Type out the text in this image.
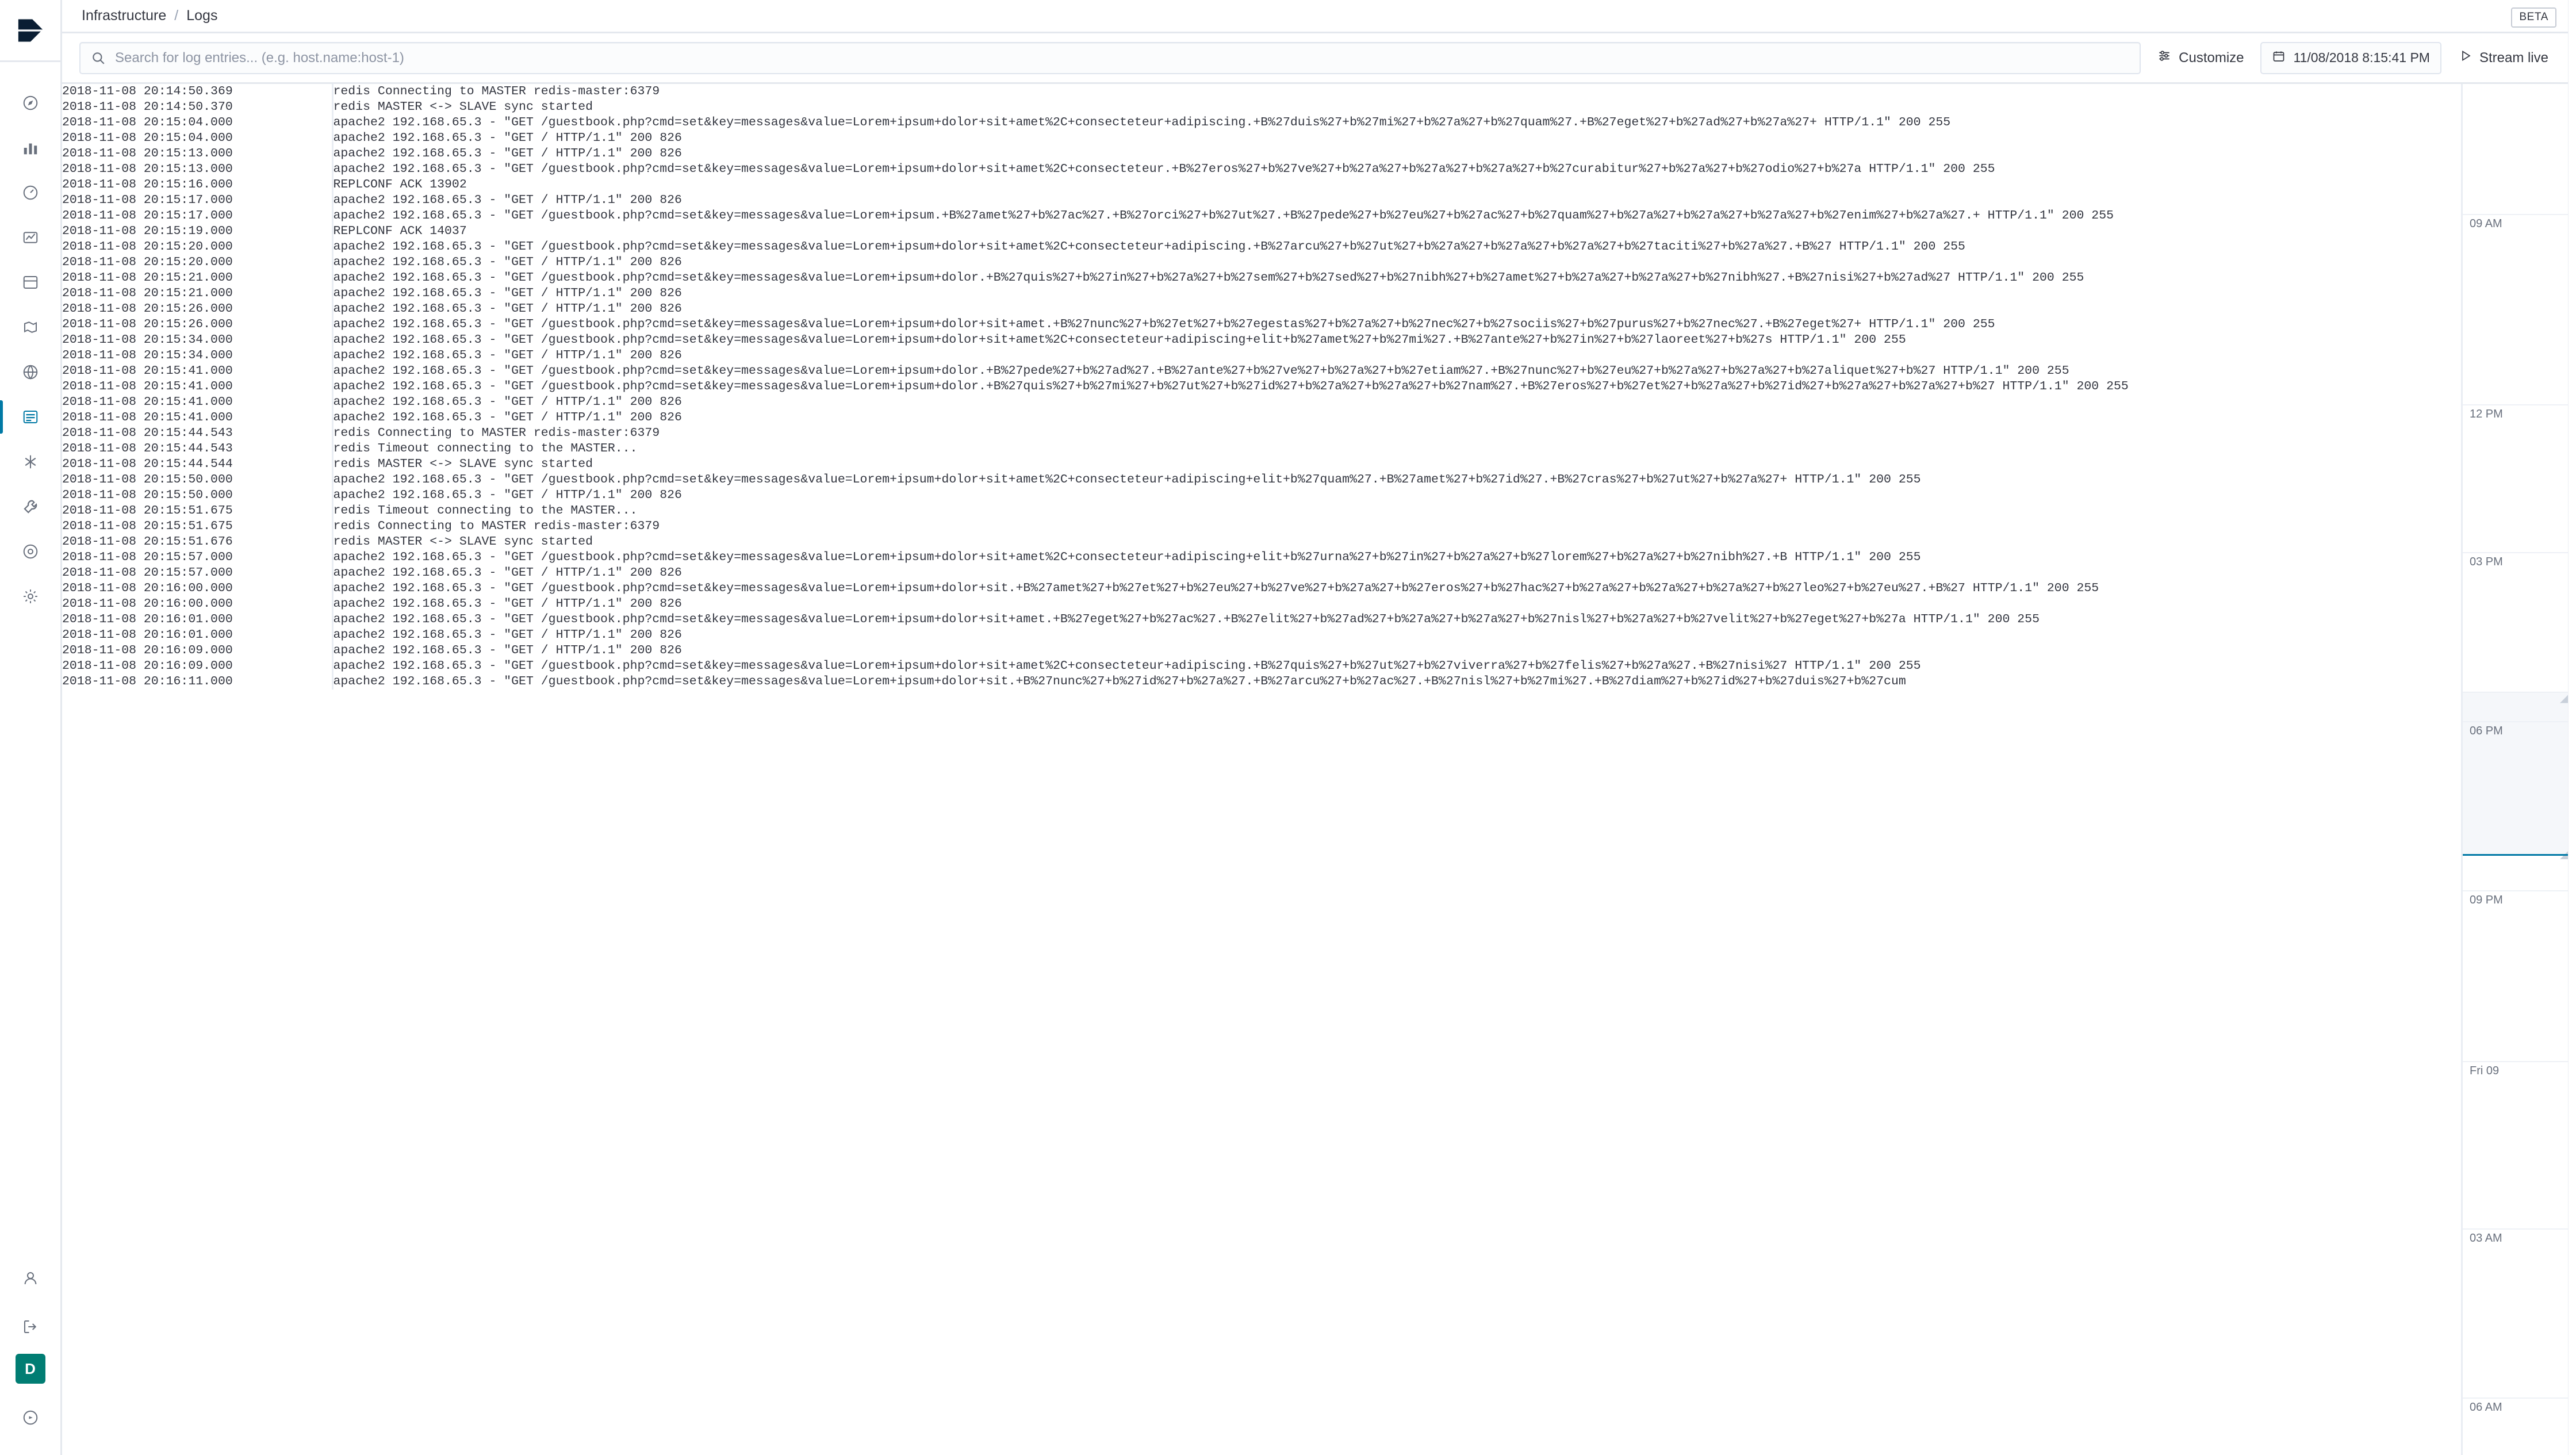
D
Infrastructure / Logs	BETA
Search for log entries... (e.g. host.name:host-1)
Customize	11/08/2018 8:15:41 PM	Stream live
2018-11-08 20:14:50.369	redis Connecting to MASTER redis-master:6379
2018-11-08 20:14:50.370	redis MASTER <-> SLAVE sync started
2018-11-08 20:15:04.000	apache2 192.168.65.3 - "GET /guestbook.php?cmd=set&key=messages&value=Lorem+ipsum+dolor+sit+amet%2C+consecteteur+adipiscing.+B%27duis%27+b%27mi%27+b%27a%27+b%27quam%27.+B%27eget%27+b%27ad%27+b%27a%27+ HTTP/1.1" 200 255
2018-11-08 20:15:04.000	apache2 192.168.65.3 - "GET / HTTP/1.1" 200 826
2018-11-08 20:15:13.000	apache2 192.168.65.3 - "GET / HTTP/1.1" 200 826
2018-11-08 20:15:13.000	apache2 192.168.65.3 - "GET /guestbook.php?cmd=set&key=messages&value=Lorem+ipsum+dolor+sit+amet%2C+consecteteur.+B%27eros%27+b%27ve%27+b%27a%27+b%27a%27+b%27a%27+b%27curabitur%27+b%27a%27+b%27odio%27+b%27a HTTP/1.1" 200 255
2018-11-08 20:15:16.000	REPLCONF ACK 13902
2018-11-08 20:15:17.000	apache2 192.168.65.3 - "GET / HTTP/1.1" 200 826
2018-11-08 20:15:17.000	apache2 192.168.65.3 - "GET /guestbook.php?cmd=set&key=messages&value=Lorem+ipsum.+B%27amet%27+b%27ac%27.+B%27orci%27+b%27ut%27.+B%27pede%27+b%27eu%27+b%27ac%27+b%27quam%27+b%27a%27+b%27a%27+b%27a%27+b%27enim%27+b%27a%27.+ HTTP/1.1" 200 255
2018-11-08 20:15:19.000	REPLCONF ACK 14037
2018-11-08 20:15:20.000	apache2 192.168.65.3 - "GET /guestbook.php?cmd=set&key=messages&value=Lorem+ipsum+dolor+sit+amet%2C+consecteteur+adipiscing.+B%27arcu%27+b%27ut%27+b%27a%27+b%27a%27+b%27a%27+b%27taciti%27+b%27a%27.+B%27 HTTP/1.1" 200 255
2018-11-08 20:15:20.000	apache2 192.168.65.3 - "GET / HTTP/1.1" 200 826
2018-11-08 20:15:21.000	apache2 192.168.65.3 - "GET /guestbook.php?cmd=set&key=messages&value=Lorem+ipsum+dolor.+B%27quis%27+b%27in%27+b%27a%27+b%27sem%27+b%27sed%27+b%27nibh%27+b%27amet%27+b%27a%27+b%27a%27+b%27nibh%27.+B%27nisi%27+b%27ad%27 HTTP/1.1" 200 255
2018-11-08 20:15:21.000	apache2 192.168.65.3 - "GET / HTTP/1.1" 200 826
2018-11-08 20:15:26.000	apache2 192.168.65.3 - "GET / HTTP/1.1" 200 826
2018-11-08 20:15:26.000	apache2 192.168.65.3 - "GET /guestbook.php?cmd=set&key=messages&value=Lorem+ipsum+dolor+sit+amet.+B%27nunc%27+b%27et%27+b%27egestas%27+b%27a%27+b%27nec%27+b%27sociis%27+b%27purus%27+b%27nec%27.+B%27eget%27+ HTTP/1.1" 200 255
2018-11-08 20:15:34.000	apache2 192.168.65.3 - "GET /guestbook.php?cmd=set&key=messages&value=Lorem+ipsum+dolor+sit+amet%2C+consecteteur+adipiscing+elit+b%27amet%27+b%27mi%27.+B%27ante%27+b%27in%27+b%27laoreet%27+b%27s HTTP/1.1" 200 255
2018-11-08 20:15:34.000	apache2 192.168.65.3 - "GET / HTTP/1.1" 200 826
2018-11-08 20:15:41.000	apache2 192.168.65.3 - "GET /guestbook.php?cmd=set&key=messages&value=Lorem+ipsum+dolor.+B%27pede%27+b%27ad%27.+B%27ante%27+b%27ve%27+b%27a%27+b%27etiam%27.+B%27nunc%27+b%27eu%27+b%27a%27+b%27a%27+b%27aliquet%27+b%27 HTTP/1.1" 200 255
2018-11-08 20:15:41.000	apache2 192.168.65.3 - "GET /guestbook.php?cmd=set&key=messages&value=Lorem+ipsum+dolor.+B%27quis%27+b%27mi%27+b%27ut%27+b%27id%27+b%27a%27+b%27a%27+b%27nam%27.+B%27eros%27+b%27et%27+b%27a%27+b%27id%27+b%27a%27+b%27a%27+b%27 HTTP/1.1" 200 255
2018-11-08 20:15:41.000	apache2 192.168.65.3 - "GET / HTTP/1.1" 200 826
2018-11-08 20:15:41.000	apache2 192.168.65.3 - "GET / HTTP/1.1" 200 826
2018-11-08 20:15:44.543	redis Connecting to MASTER redis-master:6379
2018-11-08 20:15:44.543	redis Timeout connecting to the MASTER...
2018-11-08 20:15:44.544	redis MASTER <-> SLAVE sync started
2018-11-08 20:15:50.000	apache2 192.168.65.3 - "GET /guestbook.php?cmd=set&key=messages&value=Lorem+ipsum+dolor+sit+amet%2C+consecteteur+adipiscing+elit+b%27quam%27.+B%27amet%27+b%27id%27.+B%27cras%27+b%27ut%27+b%27a%27+ HTTP/1.1" 200 255
2018-11-08 20:15:50.000	apache2 192.168.65.3 - "GET / HTTP/1.1" 200 826
2018-11-08 20:15:51.675	redis Timeout connecting to the MASTER...
2018-11-08 20:15:51.675	redis Connecting to MASTER redis-master:6379
2018-11-08 20:15:51.676	redis MASTER <-> SLAVE sync started
2018-11-08 20:15:57.000	apache2 192.168.65.3 - "GET /guestbook.php?cmd=set&key=messages&value=Lorem+ipsum+dolor+sit+amet%2C+consecteteur+adipiscing+elit+b%27urna%27+b%27in%27+b%27a%27+b%27lorem%27+b%27a%27+b%27nibh%27.+B HTTP/1.1" 200 255
2018-11-08 20:15:57.000	apache2 192.168.65.3 - "GET / HTTP/1.1" 200 826
2018-11-08 20:16:00.000	apache2 192.168.65.3 - "GET /guestbook.php?cmd=set&key=messages&value=Lorem+ipsum+dolor+sit.+B%27amet%27+b%27et%27+b%27eu%27+b%27ve%27+b%27a%27+b%27eros%27+b%27hac%27+b%27a%27+b%27a%27+b%27a%27+b%27leo%27+b%27eu%27.+B%27 HTTP/1.1" 200 255
2018-11-08 20:16:00.000	apache2 192.168.65.3 - "GET / HTTP/1.1" 200 826
2018-11-08 20:16:01.000	apache2 192.168.65.3 - "GET /guestbook.php?cmd=set&key=messages&value=Lorem+ipsum+dolor+sit+amet.+B%27eget%27+b%27ac%27.+B%27elit%27+b%27ad%27+b%27a%27+b%27a%27+b%27nisl%27+b%27a%27+b%27velit%27+b%27eget%27+b%27a HTTP/1.1" 200 255
2018-11-08 20:16:01.000	apache2 192.168.65.3 - "GET / HTTP/1.1" 200 826
2018-11-08 20:16:09.000	apache2 192.168.65.3 - "GET / HTTP/1.1" 200 826
2018-11-08 20:16:09.000	apache2 192.168.65.3 - "GET /guestbook.php?cmd=set&key=messages&value=Lorem+ipsum+dolor+sit+amet%2C+consecteteur+adipiscing.+B%27quis%27+b%27ut%27+b%27viverra%27+b%27felis%27+b%27a%27.+B%27nisi%27 HTTP/1.1" 200 255
2018-11-08 20:16:11.000	apache2 192.168.65.3 - "GET /guestbook.php?cmd=set&key=messages&value=Lorem+ipsum+dolor+sit.+B%27nunc%27+b%27id%27+b%27a%27.+B%27arcu%27+b%27ac%27.+B%27nisl%27+b%27mi%27.+B%27diam%27+b%27id%27+b%27duis%27+b%27cum
09 AM
12 PM
03 PM
06 PM
09 PM
Fri 09
03 AM
06 AM
